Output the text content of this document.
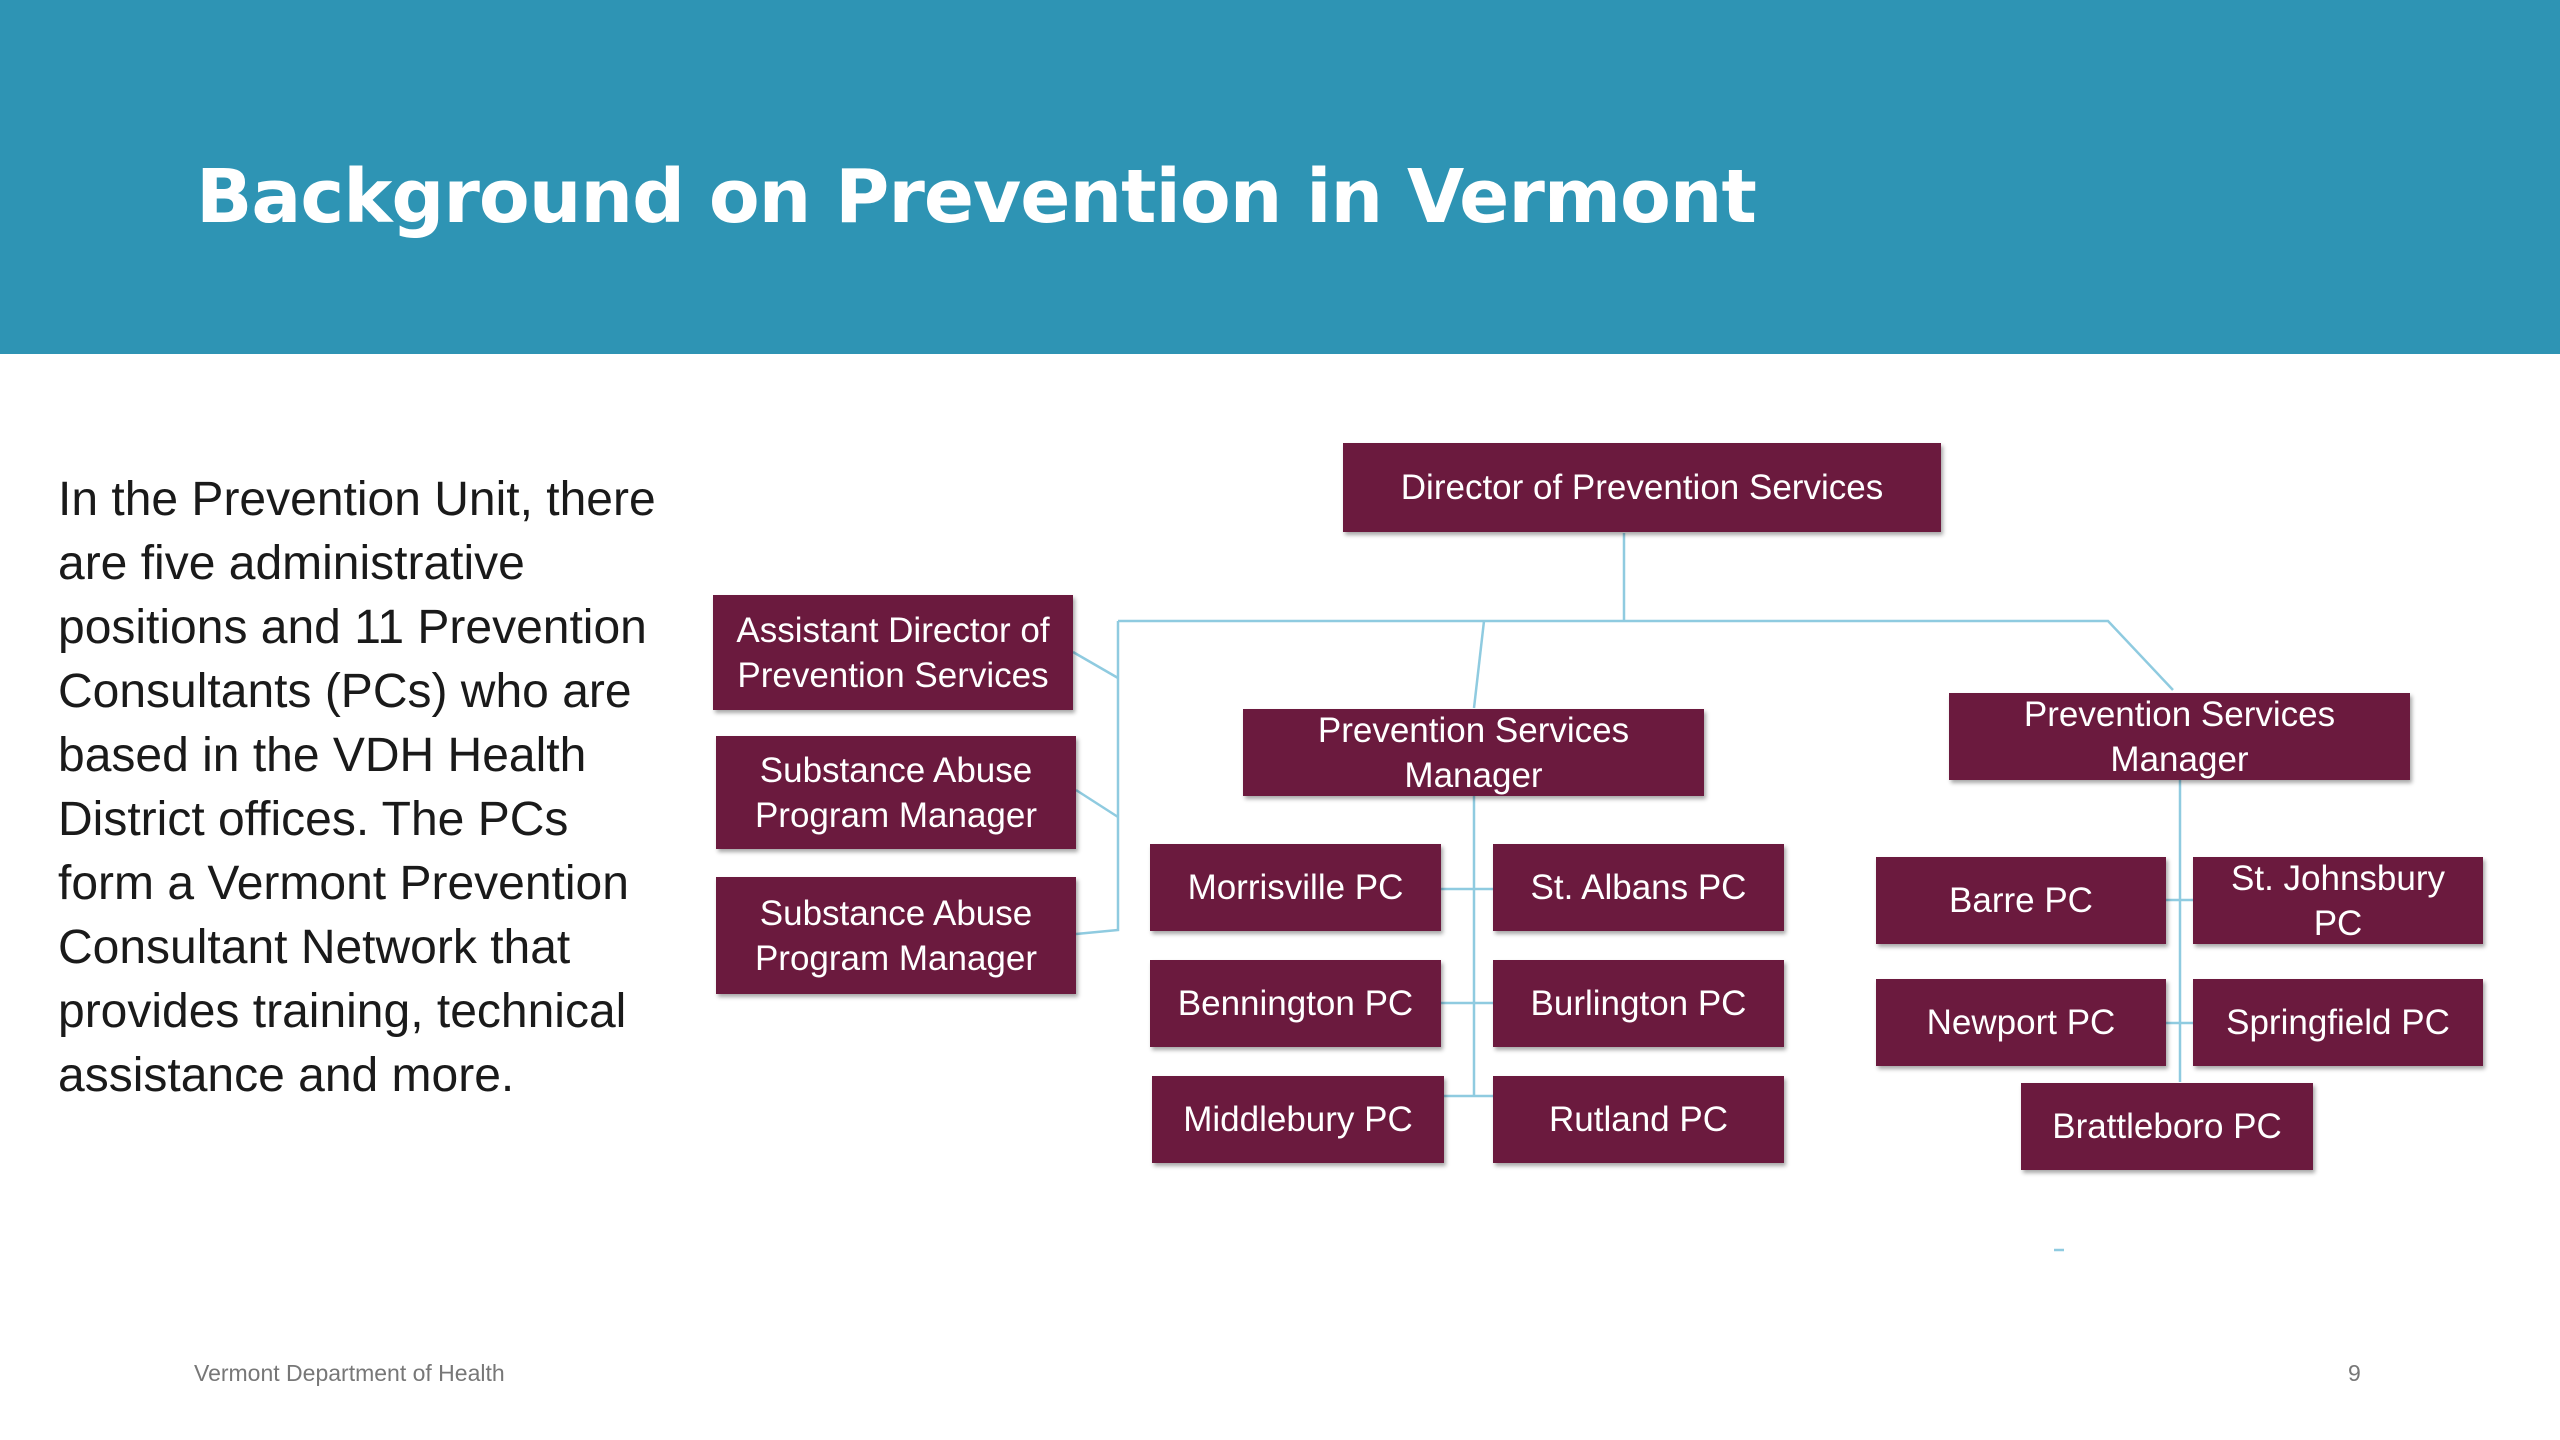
Background on Prevention in Vermont

In the Prevention Unit, there are five administrative positions and 11 Prevention Consultants (PCs) who are based in the VDH Health District offices. The PCs form a Vermont Prevention Consultant Network that provides training, technical assistance and more.

Director of Prevention Services
Assistant Director of Prevention Services
Substance Abuse Program Manager
Substance Abuse Program Manager
Prevention Services Manager
Prevention Services Manager
Morrisville PC	St. Albans PC
Bennington PC	Burlington PC
Middlebury PC	Rutland PC
Barre PC
St. Johnsbury PC
Newport PC	Springfield PC
Brattleboro PC
Vermont Department of Health	9
